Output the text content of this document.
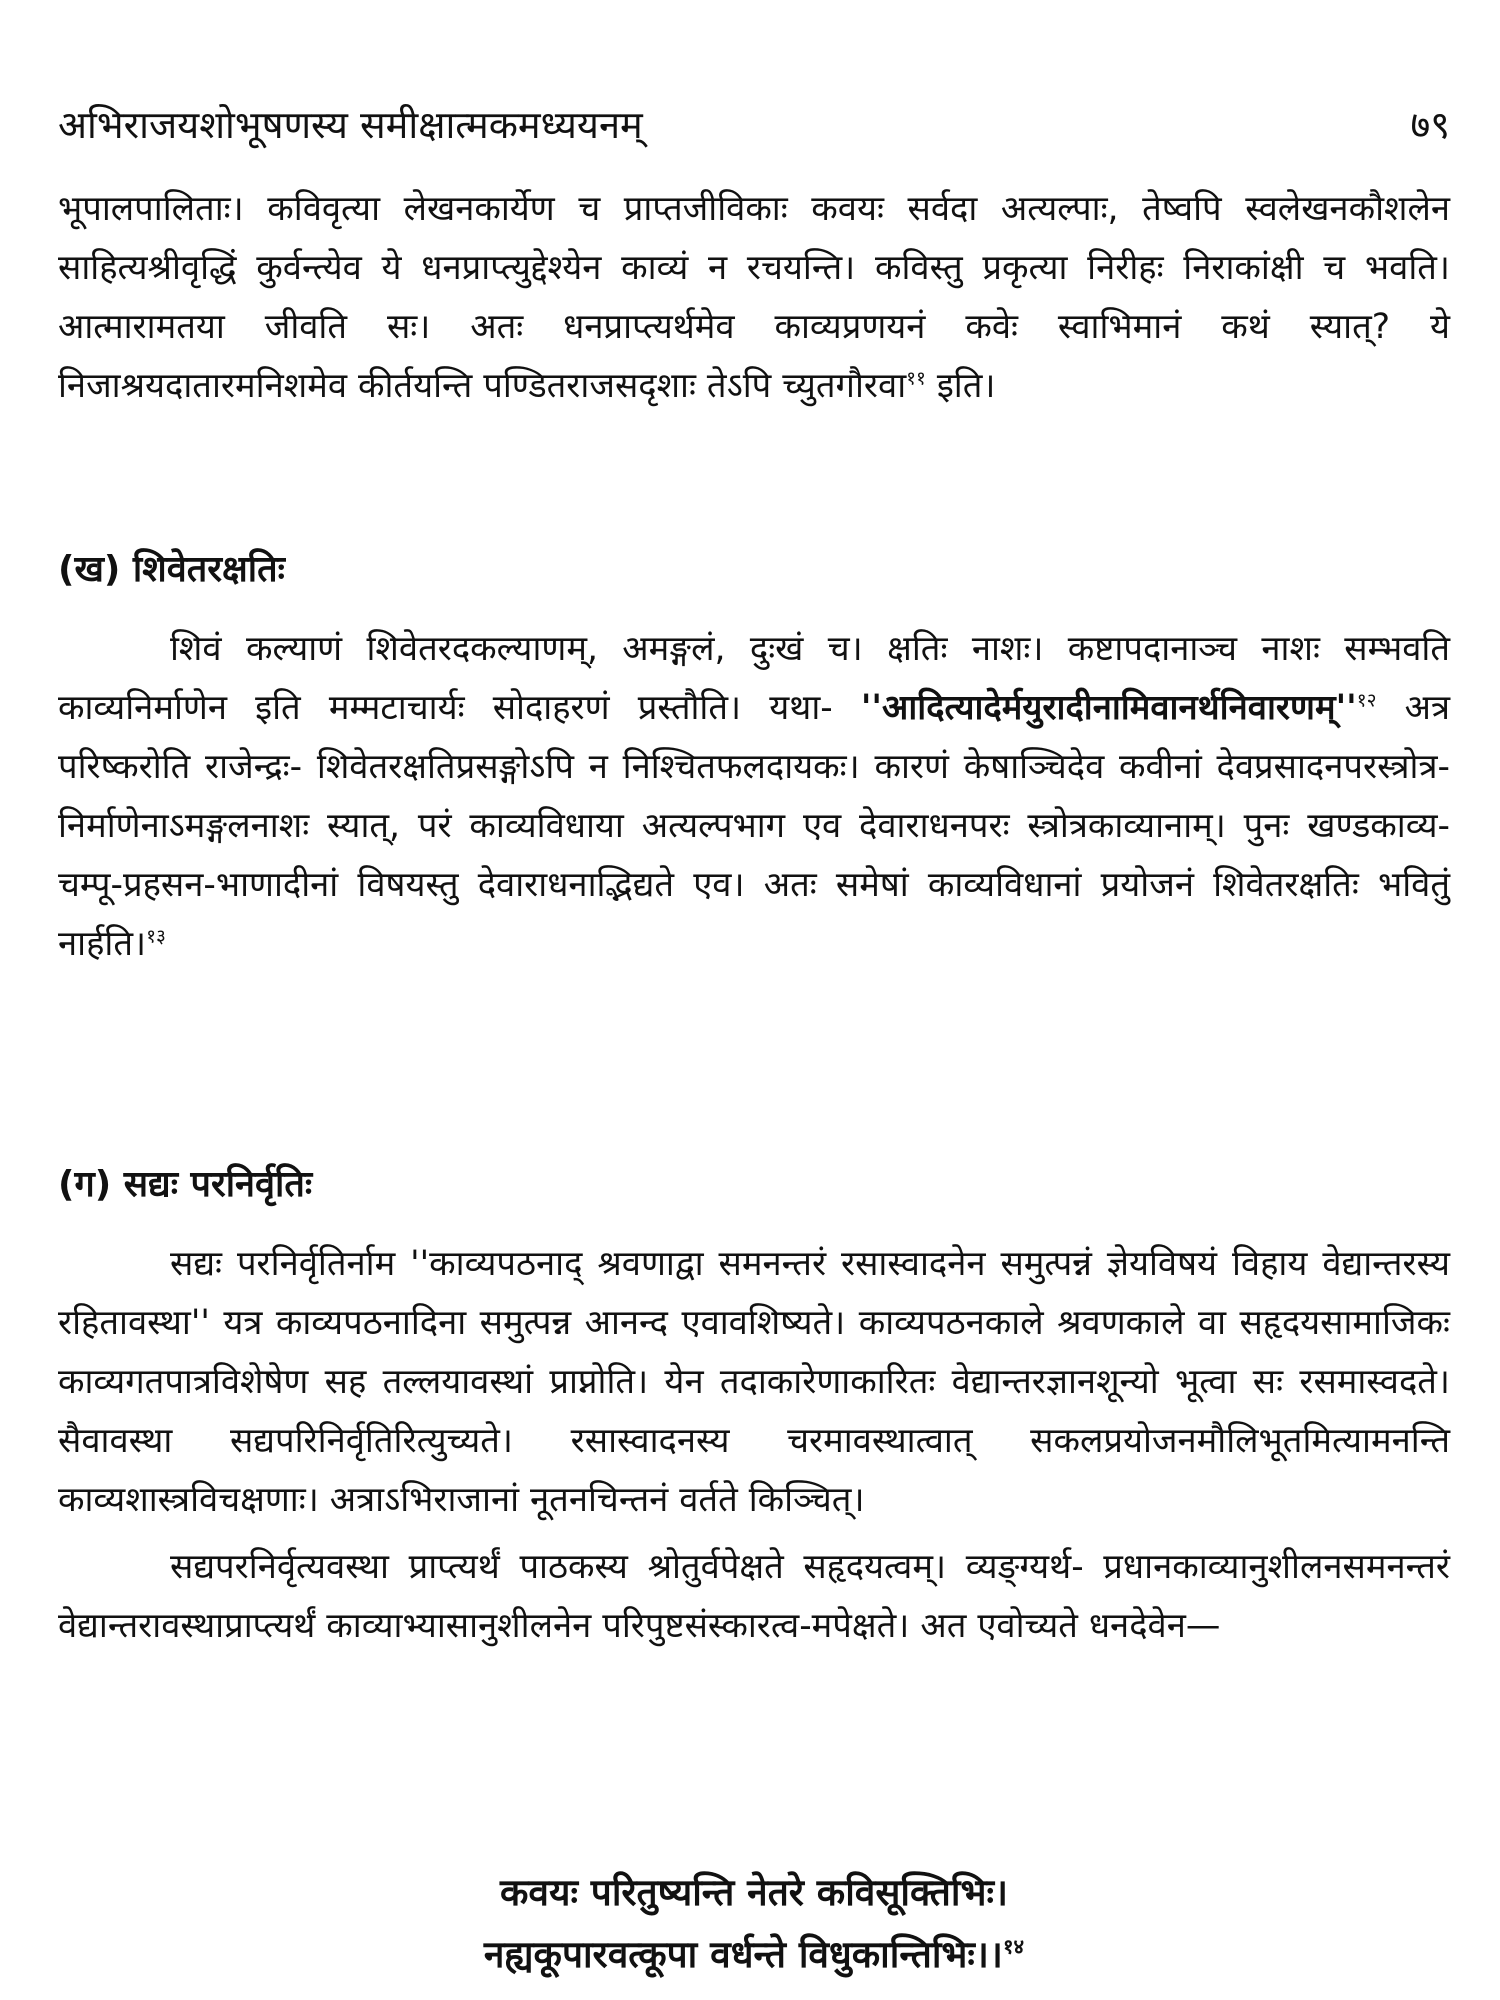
अभिराजयशोभूषणस्य समीक्षात्मकमध्ययनम्	७९

भूपालपालिताः। कविवृत्या लेखनकार्येण च प्राप्तजीविकाः कवयः सर्वदा अत्यल्पाः, तेष्वपि स्वलेखनकौशलेन साहित्यश्रीवृद्धिं कुर्वन्त्येव ये धनप्राप्त्युद्देश्येन काव्यं न रचयन्ति। कविस्तु प्रकृत्या निरीहः निराकांक्षी च भवति। आत्मारामतया जीवति सः। अतः धनप्राप्त्यर्थमेव काव्यप्रणयनं कवेः स्वाभिमानं कथं स्यात्? ये निजाश्रयदातारमनिशमेव कीर्तयन्ति पण्डितराजसदृशाः तेऽपि च्युतगौरवा$^{११}$ इति।

(ख) शिवेतरक्षतिः

शिवं कल्याणं शिवेतरदकल्याणम्, अमङ्गलं, दुःखं च। क्षतिः नाशः। कष्टापदानाञ्च नाशः सम्भवति काव्यनिर्माणेन इति मम्मटाचार्यः सोदाहरणं प्रस्तौति। यथा- ''$आदित्यादेर्मयुरादीनामिवानर्थनिवारणम्''^{१२}$ अत्र परिष्करोति राजेन्द्रः- शिवेतरक्षतिप्रसङ्गोऽपि न निश्चितफलदायकः। कारणं केषाञ्चिदेव कवीनां देवप्रसादनपरस्त्रोत्र-निर्माणेनाऽमङ्गलनाशः स्यात्, परं काव्यविधाया अत्यल्पभाग एव देवाराधनपरः स्त्रोत्रकाव्यानाम्। पुनः खण्डकाव्य-चम्पू-प्रहसन-भाणादीनां विषयस्तु देवाराधनाद्भिद्यते एव। अतः समेषां काव्यविधानां प्रयोजनं शिवेतरक्षतिः भवितुं नार्हति।$^{१३}$

(ग) सद्यः परनिर्वृतिः

सद्यः परनिर्वृतिर्नाम ''काव्यपठनाद् श्रवणाद्वा समनन्तरं रसास्वादनेन समुत्पन्नं ज्ञेयविषयं विहाय वेद्यान्तरस्य रहितावस्था'' यत्र काव्यपठनादिना समुत्पन्न आनन्द एवावशिष्यते। काव्यपठनकाले श्रवणकाले वा सहृदयसामाजिकः काव्यगतपात्रविशेषेण सह तल्लयावस्थां प्राप्नोति। येन तदाकारेणाकारितः वेद्यान्तरज्ञानशून्यो भूत्वा सः रसमास्वदते। सैवावस्था सद्यपरिनिर्वृतिरित्युच्यते। रसास्वादनस्य चरमावस्थात्वात् सकलप्रयोजनमौलिभूतमित्यामनन्ति काव्यशास्त्रविचक्षणाः। अत्राऽभिराजानां नूतनचिन्तनं वर्तते किञ्चित्।

सद्यपरनिर्वृत्यवस्था प्राप्त्यर्थं पाठकस्य श्रोतुर्वपेक्षते सहृदयत्वम्। व्यङ्ग्यर्थ- प्रधानकाव्यानुशीलनसमनन्तरं वेद्यान्तरावस्थाप्राप्त्यर्थं काव्याभ्यासानुशीलनेन परिपुष्टसंस्कारत्व-मपेक्षते। अत एवोच्यते धनदेवेन—

कवयः परितुष्यन्ति नेतरे कविसूक्तिभिः।

नह्यकूपारवत्कूपा वर्धन्ते विधुकान्तिभिः।।$^{१४}$
